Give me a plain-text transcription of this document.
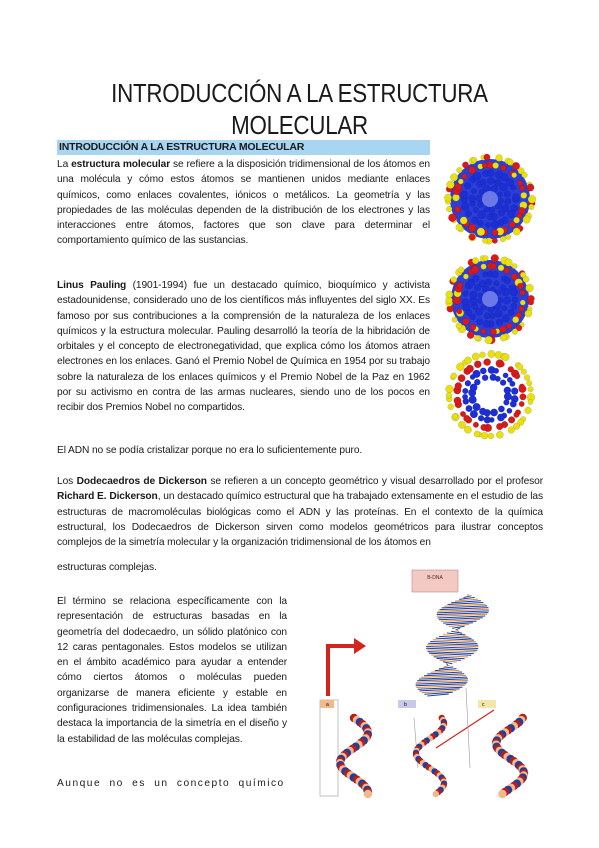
INTRODUCCIÓN A LA ESTRUCTURA MOLECULAR
INTRODUCCIÓN A LA ESTRUCTURA MOLECULAR

La estructura molecular se refiere a la disposición tridimensional de los átomos en una molécula y cómo estos átomos se mantienen unidos mediante enlaces químicos, como enlaces covalentes, iónicos o metálicos. La geometría y las propiedades de las moléculas dependen de la distribución de los electrones y las interacciones entre átomos, factores que son clave para determinar el comportamiento químico de las sustancias.

Linus Pauling (1901-1994) fue un destacado químico, bioquímico y activista estadounidense, considerado uno de los científicos más influyentes del siglo XX. Es famoso por sus contribuciones a la comprensión de la naturaleza de los enlaces químicos y la estructura molecular. Pauling desarrolló la teoría de la hibridación de orbitales y el concepto de electronegatividad, que explica cómo los átomos atraen electrones en los enlaces. Ganó el Premio Nobel de Química en 1954 por su trabajo sobre la naturaleza de los enlaces químicos y el Premio Nobel de la Paz en 1962 por su activismo en contra de las armas nucleares, siendo uno de los pocos en recibir dos Premios Nobel no compartidos.

El ADN no se podía cristalizar porque no era lo suficientemente puro.

Los Dodecaedros de Dickerson se refieren a un concepto geométrico y visual desarrollado por el profesor Richard E. Dickerson, un destacado químico estructural que ha trabajado extensamente en el estudio de las estructuras de macromoléculas biológicas como el ADN y las proteínas. En el contexto de la química estructural, los Dodecaedros de Dickerson sirven como modelos geométricos para ilustrar conceptos complejos de la simetría molecular y la organización tridimensional de los átomos en

estructuras complejas.

El término se relaciona específicamente con la representación de estructuras basadas en la geometría del dodecaedro, un sólido platónico con 12 caras pentagonales. Estos modelos se utilizan en el ámbito académico para ayudar a entender cómo ciertos átomos o moléculas pueden organizarse de manera eficiente y estable en configuraciones tridimensionales. La idea también destaca la importancia de la simetría en el diseño y la estabilidad de las moléculas complejas.

Aunque no es un concepto químico

B-DNA
a	b	c
